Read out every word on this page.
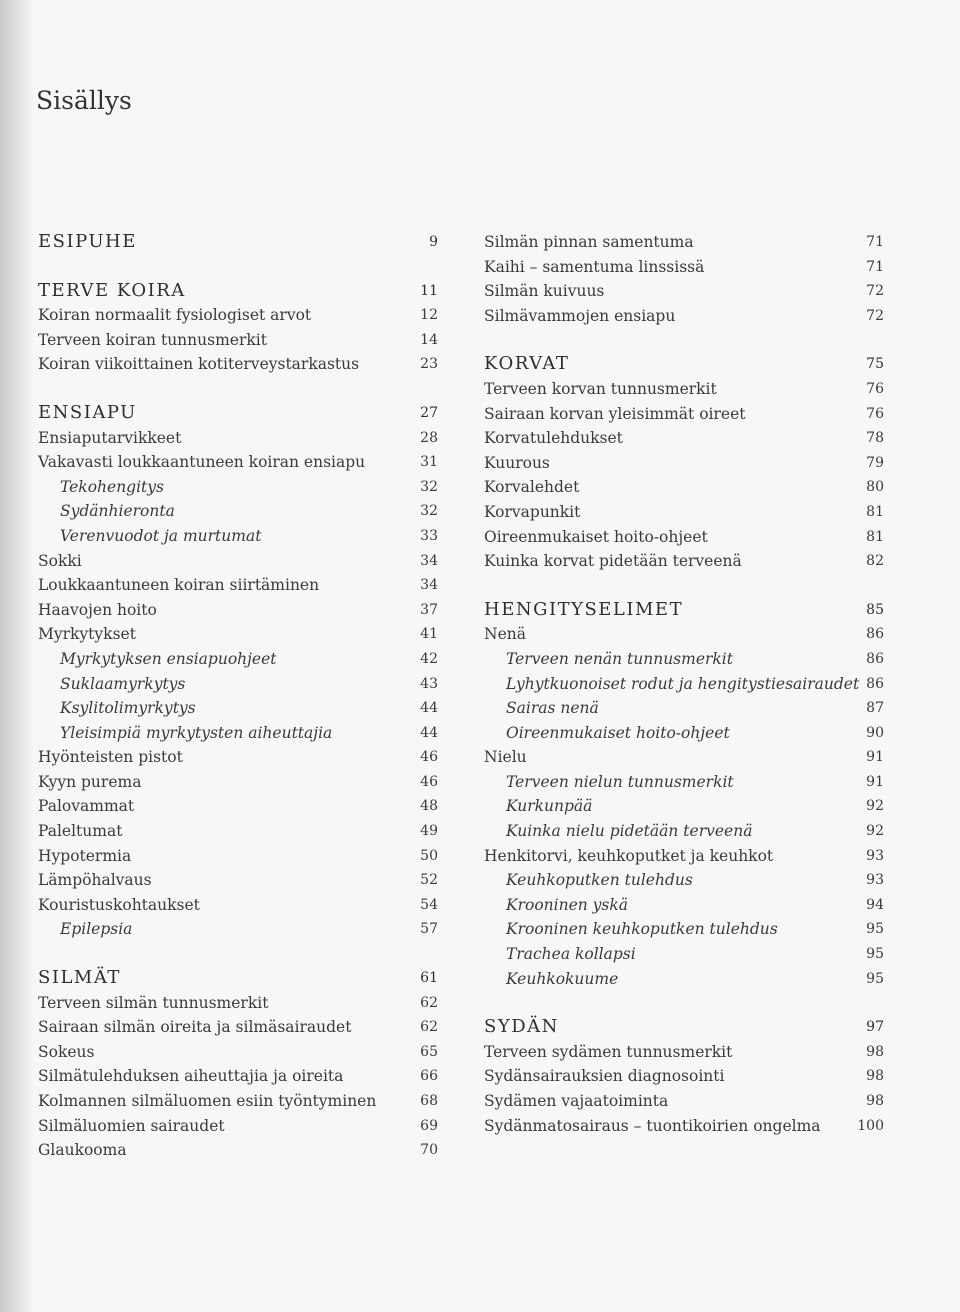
Sisällys
ESIPUHE	9
TERVE KOIRA	11
Koiran normaalit fysiologiset arvot	12
Terveen koiran tunnusmerkit	14
Koiran viikoittainen kotiterveystarkastus	23
ENSIAPU	27
Ensiaputarvikkeet	28
Vakavasti loukkaantuneen koiran ensiapu	31
Tekohengitys	32
Sydänhieronta	32
Verenvuodot ja murtumat	33
Sokki	34
Loukkaantuneen koiran siirtäminen	34
Haavojen hoito	37
Myrkytykset	41
Myrkytyksen ensiapuohjeet	42
Suklaamyrkytys	43
Ksylitolimyrkytys	44
Yleisimpiä myrkytysten aiheuttajia	44
Hyönteisten pistot	46
Kyyn purema	46
Palovammat	48
Paleltumat	49
Hypotermia	50
Lämpöhalvaus	52
Kouristuskohtaukset	54
Epilepsia	57
SILMÄT	61
Terveen silmän tunnusmerkit	62
Sairaan silmän oireita ja silmäsairaudet	62
Sokeus	65
Silmätulehduksen aiheuttajia ja oireita	66
Kolmannen silmäluomen esiin työntyminen	68
Silmäluomien sairaudet	69
Glaukooma	70
Silmän pinnan samentuma	71
Kaihi – samentuma linssissä	71
Silmän kuivuus	72
Silmävammojen ensiapu	72
KORVAT	75
Terveen korvan tunnusmerkit	76
Sairaan korvan yleisimmät oireet	76
Korvatulehdukset	78
Kuurous	79
Korvalehdet	80
Korvapunkit	81
Oireenmukaiset hoito-ohjeet	81
Kuinka korvat pidetään terveenä	82
HENGITYSELIMET	85
Nenä	86
Terveen nenän tunnusmerkit	86
Lyhytkuonoiset rodut ja hengitystiesairaudet 86
Sairas nenä	87
Oireenmukaiset hoito-ohjeet	90
Nielu	91
Terveen nielun tunnusmerkit	91
Kurkunpää	92
Kuinka nielu pidetään terveenä	92
Henkitorvi, keuhkoputket ja keuhkot	93
Keuhkoputken tulehdus	93
Krooninen yskä	94
Krooninen keuhkoputken tulehdus	95
Trachea kollapsi	95
Keuhkokuume	95
SYDÄN	97
Terveen sydämen tunnusmerkit	98
Sydänsairauksien diagnosointi	98
Sydämen vajaatoiminta	98
Sydänmatosairaus – tuontikoirien ongelma	100
